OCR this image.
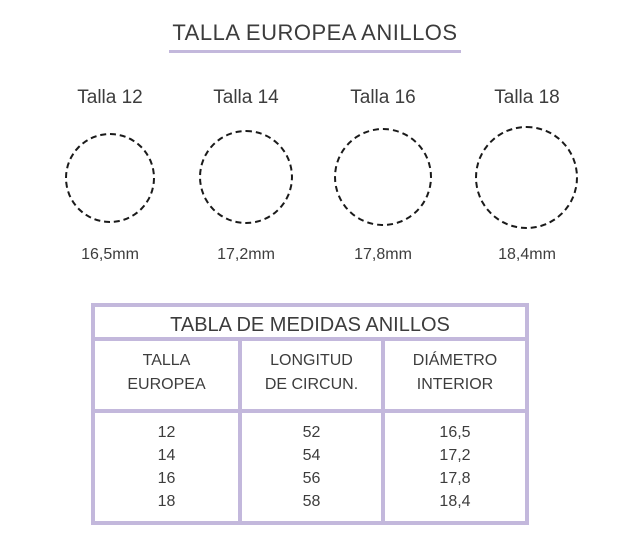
TALLA EUROPEA ANILLOS
Talla 12
16,5mm
Talla 14
17,2mm
Talla 16
17,8mm
Talla 18
18,4mm
TABLA DE MEDIDAS ANILLOS
TALLA
EUROPEA
LONGITUD
DE CIRCUN.
DIÁMETRO
INTERIOR
12
14
16
18
52
54
56
58
16,5
17,2
17,8
18,4
